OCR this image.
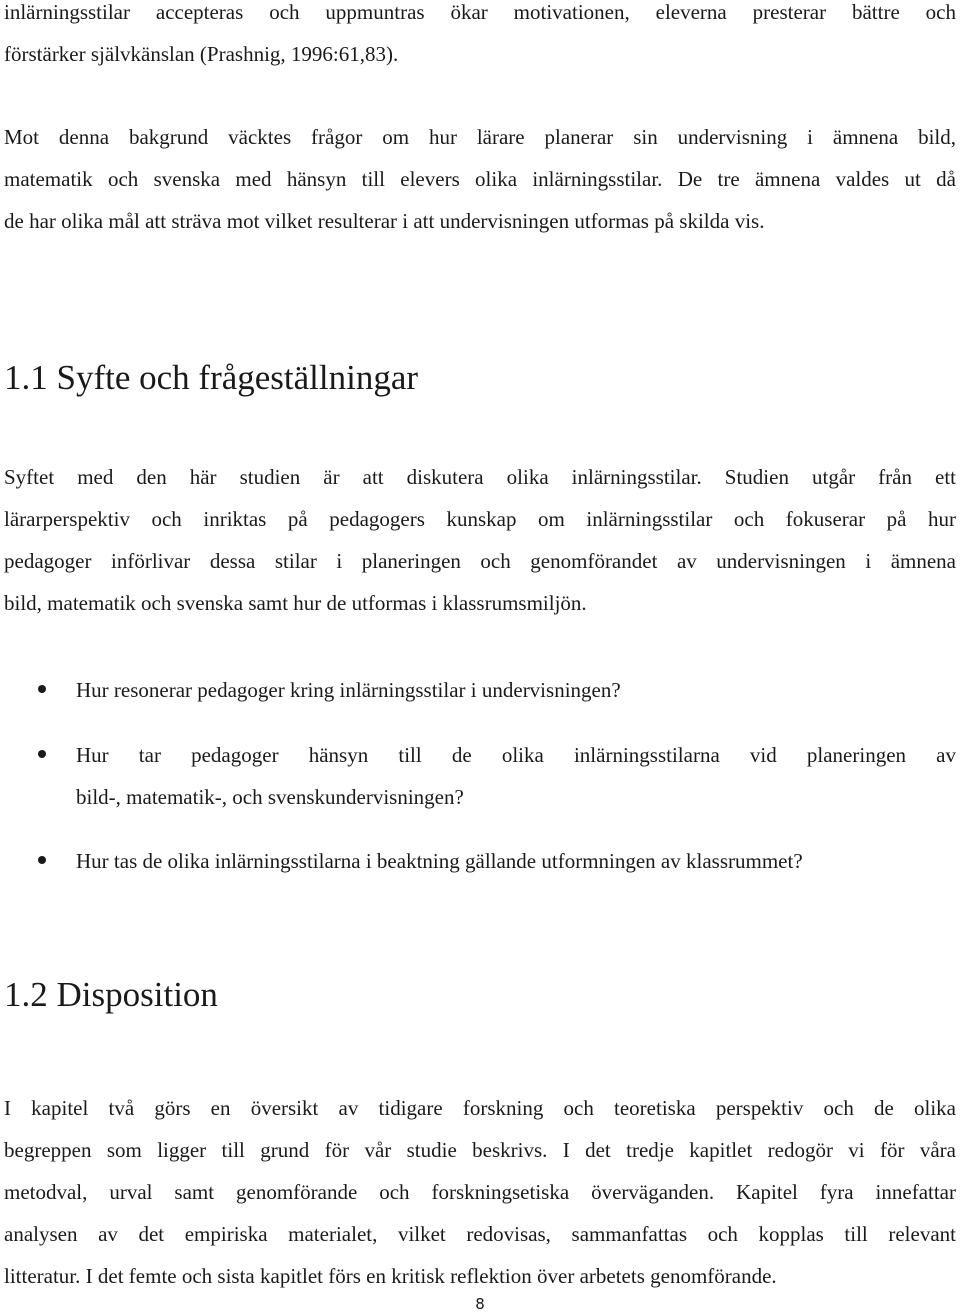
inlärningsstilar accepteras och uppmuntras ökar motivationen, eleverna presterar bättre och
förstärker självkänslan (Prashnig, 1996:61,83).

Mot denna bakgrund väcktes frågor om hur lärare planerar sin undervisning i ämnena bild,
matematik och svenska med hänsyn till elevers olika inlärningsstilar. De tre ämnena valdes ut då
de har olika mål att sträva mot vilket resulterar i att undervisningen utformas på skilda vis.

1.1 Syfte och frågeställningar

Syftet med den här studien är att diskutera olika inlärningsstilar. Studien utgår från ett
lärarperspektiv och inriktas på pedagogers kunskap om inlärningsstilar och fokuserar på hur
pedagoger införlivar dessa stilar i planeringen och genomförandet av undervisningen i ämnena
bild, matematik och svenska samt hur de utformas i klassrumsmiljön.

Hur resonerar pedagoger kring inlärningsstilar i undervisningen?
Hur tar pedagoger hänsyn till de olika inlärningsstilarna vid planeringen av
bild-, matematik-, och svenskundervisningen?
Hur tas de olika inlärningsstilarna i beaktning gällande utformningen av klassrummet?
1.2 Disposition

I kapitel två görs en översikt av tidigare forskning och teoretiska perspektiv och de olika
begreppen som ligger till grund för vår studie beskrivs. I det tredje kapitlet redogör vi för våra
metodval, urval samt genomförande och forskningsetiska överväganden. Kapitel fyra innefattar
analysen av det empiriska materialet, vilket redovisas, sammanfattas och kopplas till relevant
litteratur. I det femte och sista kapitlet förs en kritisk reflektion över arbetets genomförande.

8
